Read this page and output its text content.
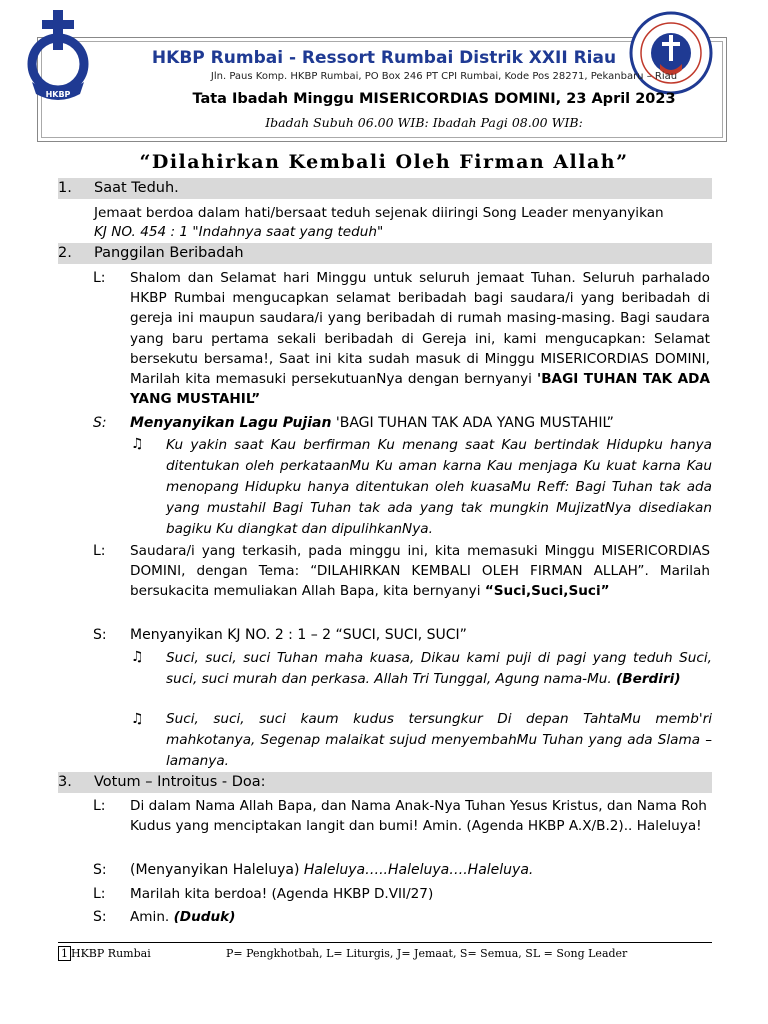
HKBP
HKBP Rumbai - Ressort Rumbai Distrik XXII Riau
Jln. Paus Komp. HKBP Rumbai, PO Box 246 PT CPI Rumbai, Kode Pos 28271, Pekanbaru – Riau
Tata Ibadah Minggu MISERICORDIAS DOMINI, 23 April 2023
Ibadah Subuh 06.00 WIB: Ibadah Pagi 08.00 WIB:
“Dilahirkan Kembali Oleh Firman Allah”
1. Saat Teduh.
Jemaat berdoa dalam hati/bersaat teduh sejenak diiringi Song Leader menyanyikan
KJ NO. 454 : 1 "Indahnya saat yang teduh"
2. Panggilan Beribadah
L: Shalom dan Selamat hari Minggu untuk seluruh jemaat Tuhan. Seluruh parhalado HKBP Rumbai mengucapkan selamat beribadah bagi saudara/i yang beribadah di gereja ini maupun saudara/i yang beribadah di rumah masing-masing. Bagi saudara yang baru pertama sekali beribadah di Gereja ini, kami mengucapkan: Selamat bersekutu bersama!, Saat ini kita sudah masuk di Minggu MISERICORDIAS DOMINI, Marilah kita memasuki persekutuanNya dengan bernyanyi 'BAGI TUHAN TAK ADA YANG MUSTAHIL”
S: Menyanyikan Lagu Pujian 'BAGI TUHAN TAK ADA YANG MUSTAHIL”
♫ Ku yakin saat Kau berfirman Ku menang saat Kau bertindak Hidupku hanya ditentukan oleh perkataanMu Ku aman karna Kau menjaga Ku kuat karna Kau menopang Hidupku hanya ditentukan oleh kuasaMu Reff: Bagi Tuhan tak ada yang mustahil Bagi Tuhan tak ada yang tak mungkin MujizatNya disediakan bagiku Ku diangkat dan dipulihkanNya.
L: Saudara/i yang terkasih, pada minggu ini, kita memasuki Minggu MISERICORDIAS DOMINI, dengan Tema: “DILAHIRKAN KEMBALI OLEH FIRMAN ALLAH”. Marilah bersukacita memuliakan Allah Bapa, kita bernyanyi “Suci,Suci,Suci”
S: Menyanyikan KJ NO. 2 : 1 – 2 “SUCI, SUCI, SUCI”
♫ Suci, suci, suci Tuhan maha kuasa, Dikau kami puji di pagi yang teduh Suci, suci, suci murah dan perkasa. Allah Tri Tunggal, Agung nama-Mu. (Berdiri)
♫ Suci, suci, suci kaum kudus tersungkur Di depan TahtaMu memb'ri mahkotanya, Segenap malaikat sujud menyembahMu Tuhan yang ada Slama – lamanya.
3. Votum – Introitus - Doa:
L: Di dalam Nama Allah Bapa, dan Nama Anak-Nya Tuhan Yesus Kristus, dan Nama Roh Kudus yang menciptakan langit dan bumi! Amin. (Agenda HKBP A.X/B.2).. Haleluya!
S: (Menyanyikan Haleluya) Haleluya…..Haleluya….Haleluya.
L: Marilah kita berdoa! (Agenda HKBP D.VII/27)
S: Amin. (Duduk)
1 HKBP Rumbai	P= Pengkhotbah, L= Liturgis, J= Jemaat, S= Semua, SL = Song Leader
